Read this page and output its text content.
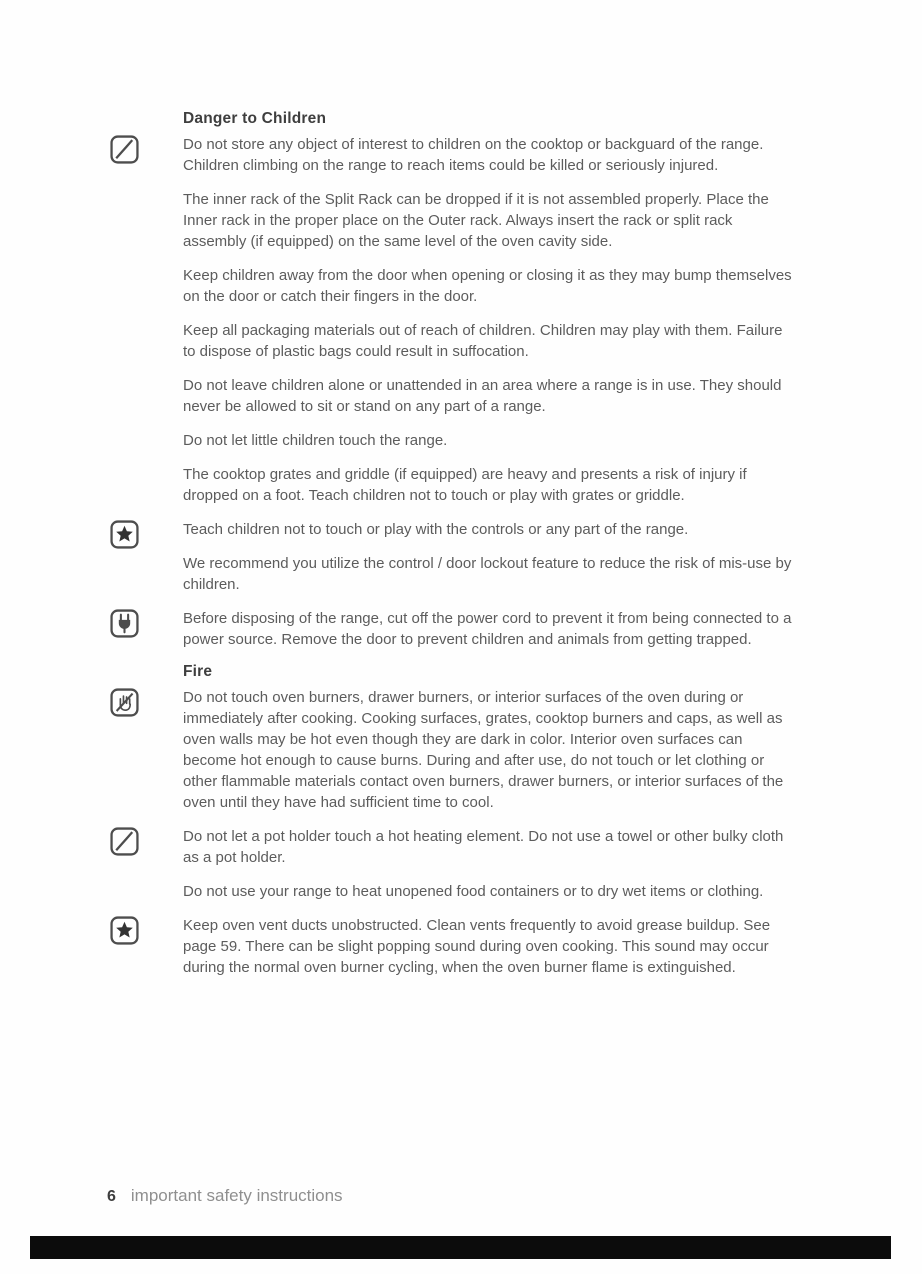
Danger to Children

Do not store any object of interest to children on the cooktop or backguard of the range. Children climbing on the range to reach items could be killed or seriously injured.

The inner rack of the Split Rack can be dropped if it is not assembled properly. Place the Inner rack in the proper place on the Outer rack. Always insert the rack or split rack assembly (if equipped) on the same level of the oven cavity side.

Keep children away from the door when opening or closing it as they may bump themselves on the door or catch their fingers in the door.

Keep all packaging materials out of reach of children. Children may play with them. Failure to dispose of plastic bags could result in suffocation.

Do not leave children alone or unattended in an area where a range is in use. They should never be allowed to sit or stand on any part of a range.

Do not let little children touch the range.

The cooktop grates and griddle (if equipped) are heavy and presents a risk of injury if dropped on a foot. Teach children not to touch or play with grates or griddle.

Teach children not to touch or play with the controls or any part of the range.

We recommend you utilize the control / door lockout feature to reduce the risk of mis-use by children.

Before disposing of the range, cut off the power cord to prevent it from being connected to a power source. Remove the door to prevent children and animals from getting trapped.

Fire

Do not touch oven burners, drawer burners, or interior surfaces of the oven during or immediately after cooking. Cooking surfaces, grates, cooktop burners and caps, as well as oven walls may be hot even though they are dark in color. Interior oven surfaces can become hot enough to cause burns. During and after use, do not touch or let clothing or other flammable materials contact oven burners, drawer burners, or interior surfaces of the oven until they have had sufficient time to cool.

Do not let a pot holder touch a hot heating element. Do not use a towel or other bulky cloth as a pot holder.

Do not use your range to heat unopened food containers or to dry wet items or clothing.

Keep oven vent ducts unobstructed. Clean vents frequently to avoid grease buildup. See page 59. There can be slight popping sound during oven cooking. This sound may occur during the normal oven burner cycling, when the oven burner flame is extinguished.

6 important safety instructions
